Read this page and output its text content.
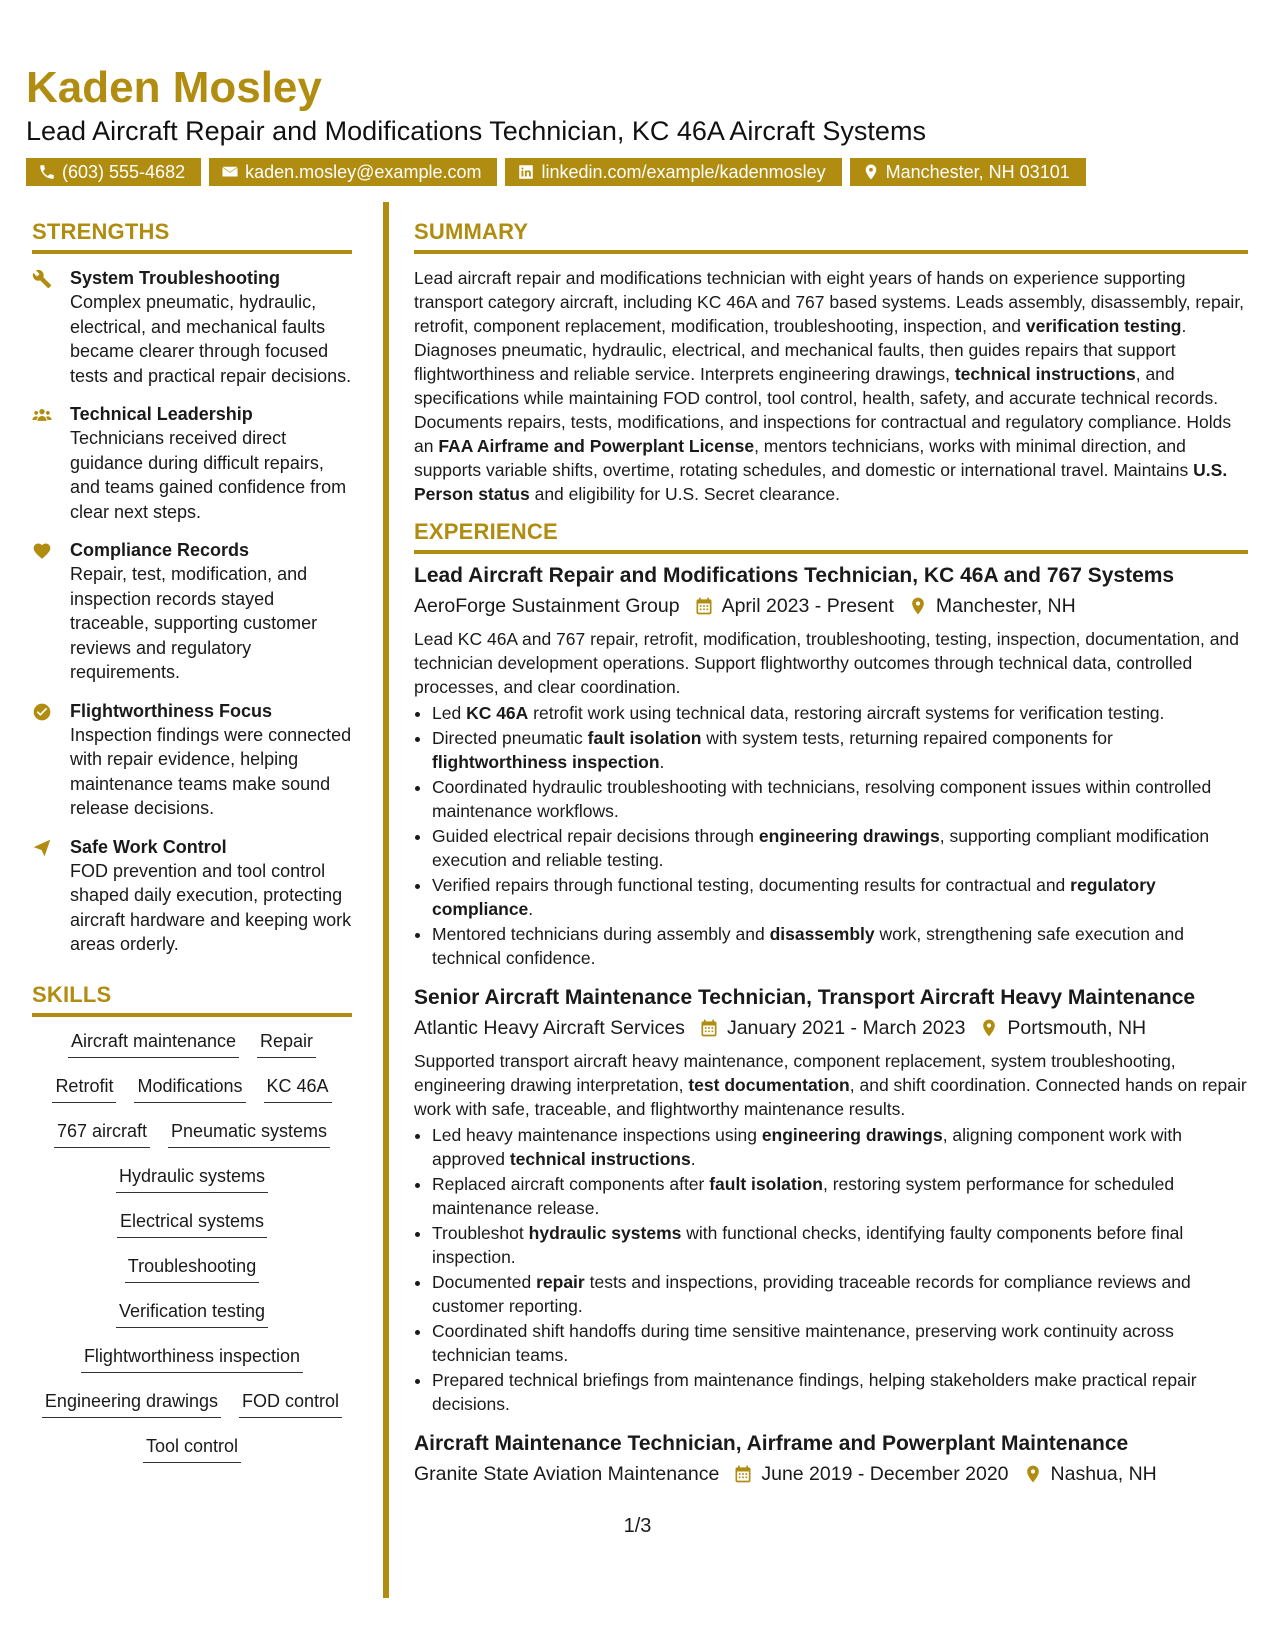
Kaden Mosley
Lead Aircraft Repair and Modifications Technician, KC 46A Aircraft Systems
(603) 555-4682	kaden.mosley@example.com	linkedin.com/example/kadenmosley	Manchester, NH 03101
STRENGTHS
System Troubleshooting
Complex pneumatic, hydraulic, electrical, and mechanical faults became clearer through focused tests and practical repair decisions.
Technical Leadership
Technicians received direct guidance during difficult repairs, and teams gained confidence from clear next steps.
Compliance Records
Repair, test, modification, and inspection records stayed traceable, supporting customer reviews and regulatory requirements.
Flightworthiness Focus
Inspection findings were connected with repair evidence, helping maintenance teams make sound release decisions.
Safe Work Control
FOD prevention and tool control shaped daily execution, protecting aircraft hardware and keeping work areas orderly.
SKILLS
Aircraft maintenance Repair
Retrofit Modifications KC 46A
767 aircraft Pneumatic systems
Hydraulic systems
Electrical systems
Troubleshooting
Verification testing
Flightworthiness inspection
Engineering drawings FOD control
Tool control
SUMMARY

Lead aircraft repair and modifications technician with eight years of hands on experience supporting transport category aircraft, including KC 46A and 767 based systems. Leads assembly, disassembly, repair, retrofit, component replacement, modification, troubleshooting, inspection, and verification testing. Diagnoses pneumatic, hydraulic, electrical, and mechanical faults, then guides repairs that support flightworthiness and reliable service. Interprets engineering drawings, technical instructions, and specifications while maintaining FOD control, tool control, health, safety, and accurate technical records. Documents repairs, tests, modifications, and inspections for contractual and regulatory compliance. Holds an FAA Airframe and Powerplant License, mentors technicians, works with minimal direction, and supports variable shifts, overtime, rotating schedules, and domestic or international travel. Maintains U.S. Person status and eligibility for U.S. Secret clearance.

EXPERIENCE
Lead Aircraft Repair and Modifications Technician, KC 46A and 767 Systems
AeroForge Sustainment Group April 2023 - Present Manchester, NH

Lead KC 46A and 767 repair, retrofit, modification, troubleshooting, testing, inspection, documentation, and technician development operations. Support flightworthy outcomes through technical data, controlled processes, and clear coordination.

• Led KC 46A retrofit work using technical data, restoring aircraft systems for verification testing.
• Directed pneumatic fault isolation with system tests, returning repaired components for flightworthiness inspection.
• Coordinated hydraulic troubleshooting with technicians, resolving component issues within controlled maintenance workflows.
• Guided electrical repair decisions through engineering drawings, supporting compliant modification execution and reliable testing.
• Verified repairs through functional testing, documenting results for contractual and regulatory compliance.
• Mentored technicians during assembly and disassembly work, strengthening safe execution and technical confidence.
Senior Aircraft Maintenance Technician, Transport Aircraft Heavy Maintenance
Atlantic Heavy Aircraft Services January 2021 - March 2023 Portsmouth, NH

Supported transport aircraft heavy maintenance, component replacement, system troubleshooting, engineering drawing interpretation, test documentation, and shift coordination. Connected hands on repair work with safe, traceable, and flightworthy maintenance results.

• Led heavy maintenance inspections using engineering drawings, aligning component work with approved technical instructions.
• Replaced aircraft components after fault isolation, restoring system performance for scheduled maintenance release.
• Troubleshot hydraulic systems with functional checks, identifying faulty components before final inspection.
• Documented repair tests and inspections, providing traceable records for compliance reviews and customer reporting.
• Coordinated shift handoffs during time sensitive maintenance, preserving work continuity across technician teams.
• Prepared technical briefings from maintenance findings, helping stakeholders make practical repair decisions.
Aircraft Maintenance Technician, Airframe and Powerplant Maintenance
Granite State Aviation Maintenance June 2019 - December 2020 Nashua, NH
1/3
